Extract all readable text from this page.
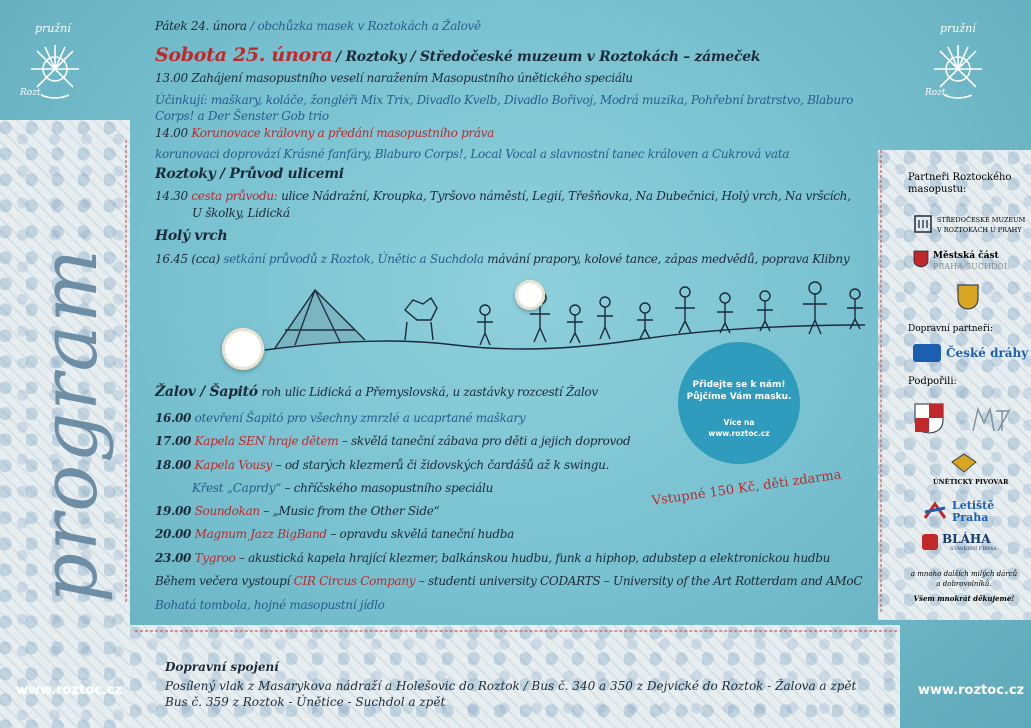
pružní
Rozt.
pružní
Rozt.
program
www.roztoc.cz	www.roztoc.cz
Pátek 24. února / obchůzka masek v Roztokách a Žalově
Sobota 25. února / Roztoky / Středočeské muzeum v Roztokách – zámeček
13.00 Zahájení masopustního veselí naražením Masopustního únětického speciálu
Účinkují: maškary, koláče, žongléři Mix Trix, Divadlo Kvelb, Divadlo Bořivoj, Modrá muzika, Pohřební bratrstvo, Blaburo
Corps! a Der Šenster Gob trio
14.00 Korunovace královny a předání masopustního práva
korunovaci doprovází Krásné fanfáry, Blaburo Corps!, Local Vocal a slavnostní tanec královen a Cukrová vata
Roztoky / Průvod ulicemi
14.30 cesta průvodu: ulice Nádražní, Kroupka, Tyršovo náměstí, Legií, Třešňovka, Na Dubečnici, Holý vrch, Na vršcích,
U školky, Lidická
Holý vrch
16.45 (cca) setkání průvodů z Roztok, Únětic a Suchdola mávání prapory, kolové tance, zápas medvědů, poprava Klibny
Žalov / Šapitó roh ulic Lidická a Přemyslovská, u zastávky rozcestí Žalov
16.00 otevření Šapitó pro všechny zmrzlé a ucaprtané maškary
17.00 Kapela SEN hraje dětem – skvělá taneční zábava pro děti a jejich doprovod
18.00 Kapela Vousy – od starých klezmerů či židovských čardášů až k swingu.
Křest „Caprdy“ – chříčského masopustního speciálu
19.00 Soundokan – „Music from the Other Side“
20.00 Magnum Jazz BigBand – opravdu skvělá taneční hudba
23.00 Tygroo – akustická kapela hrající klezmer, balkánskou hudbu, funk a hiphop, adubstep a elektronickou hudbu
Během večera vystoupí CIR Circus Company – studenti university CODARTS – University of the Art Rotterdam and AMoC
Bohatá tombola, hojné masopustní jídlo
Přidejte se k nám!
Půjčíme Vám masku.
Více na
www.roztoc.cz
Vstupné 150 Kč, děti zdarma
Partneři Roztockého
masopustu:
STŘEDOČESKÉ MUZEUM
V ROZTOKÁCH U PRAHY
Městská část
PRAHA-SUCHDOL
Dopravní partneři:
České dráhy
Podpořili:
ÚNĚTICKÝ PIVOVAR
Letiště
Praha
BLÁHA
STAVEBNÍ FIRMA
a mnoho dalších milých dárců
a dobrovolníků.
Všem mnokrát děkujeme!
Dopravní spojení
Posílený vlak z Masarykova nádraží a Holešovic do Roztok / Bus č. 340 a 350 z Dejvické do Roztok - Žalova a zpět
Bus č. 359 z Roztok - Únětice - Suchdol a zpět
